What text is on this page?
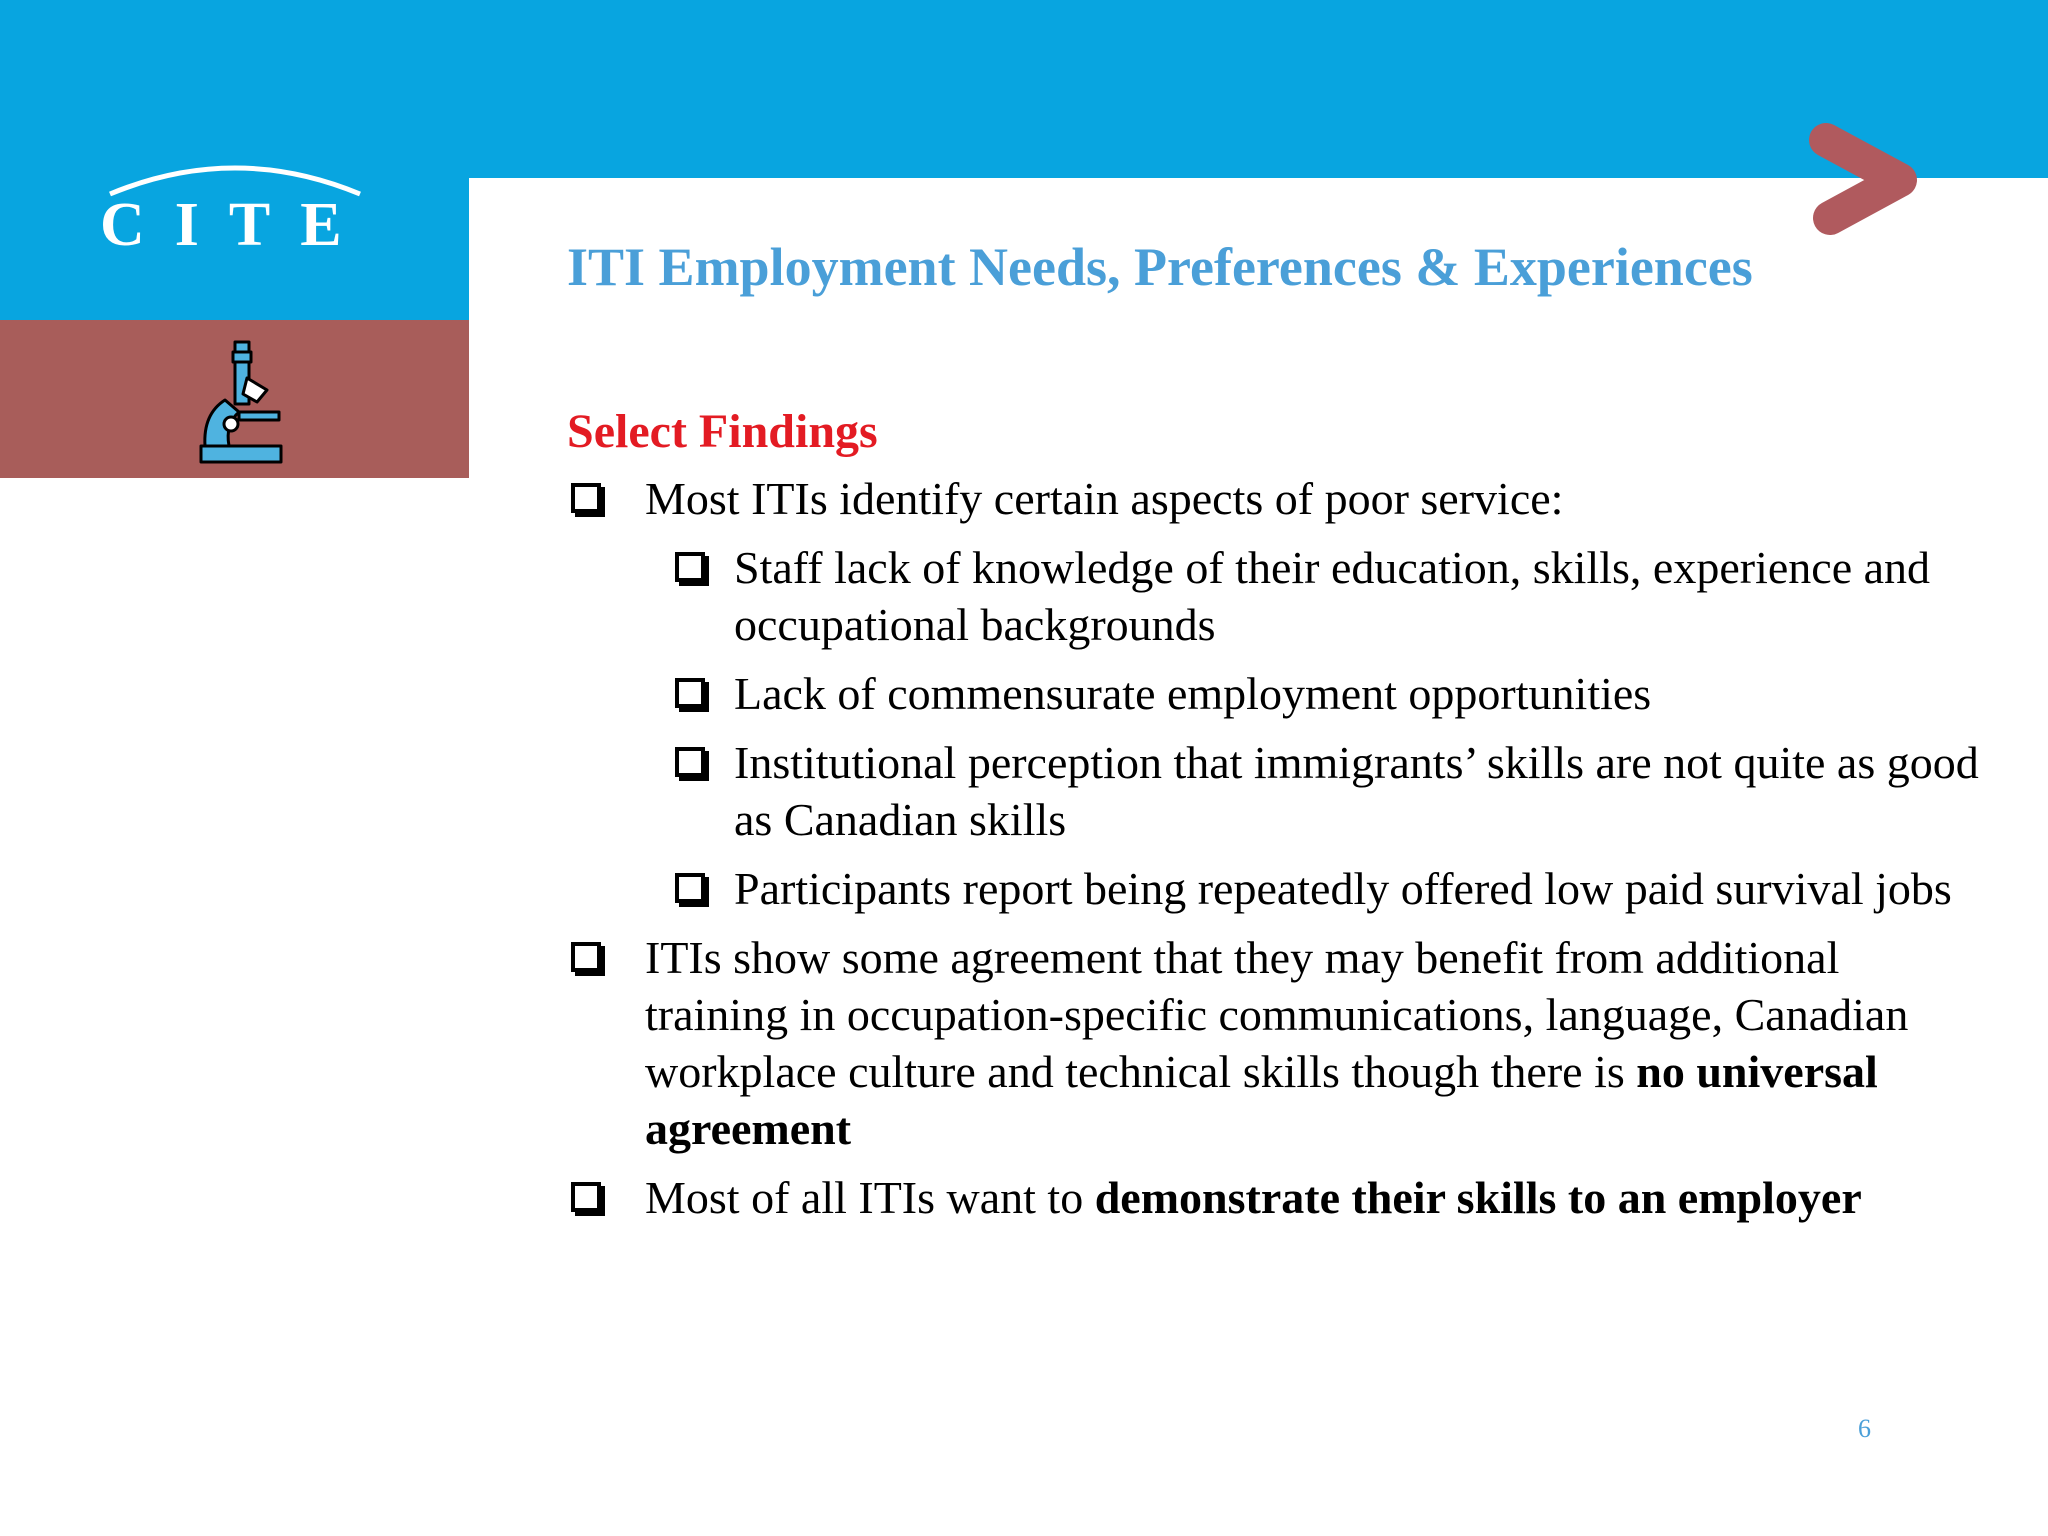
CITE
ITI Employment Needs, Preferences & Experiences
Select Findings
Most ITIs identify certain aspects of poor service:
Staff lack of knowledge of their education, skills, experience and occupational backgrounds
Lack of commensurate employment opportunities
Institutional perception that immigrants’ skills are not quite as good as Canadian skills
Participants report being repeatedly offered low paid survival jobs
ITIs show some agreement that they may benefit from additional training in occupation-specific communications, language, Canadian workplace culture and technical skills though there is no universal agreement
Most of all ITIs want to demonstrate their skills to an employer
6
